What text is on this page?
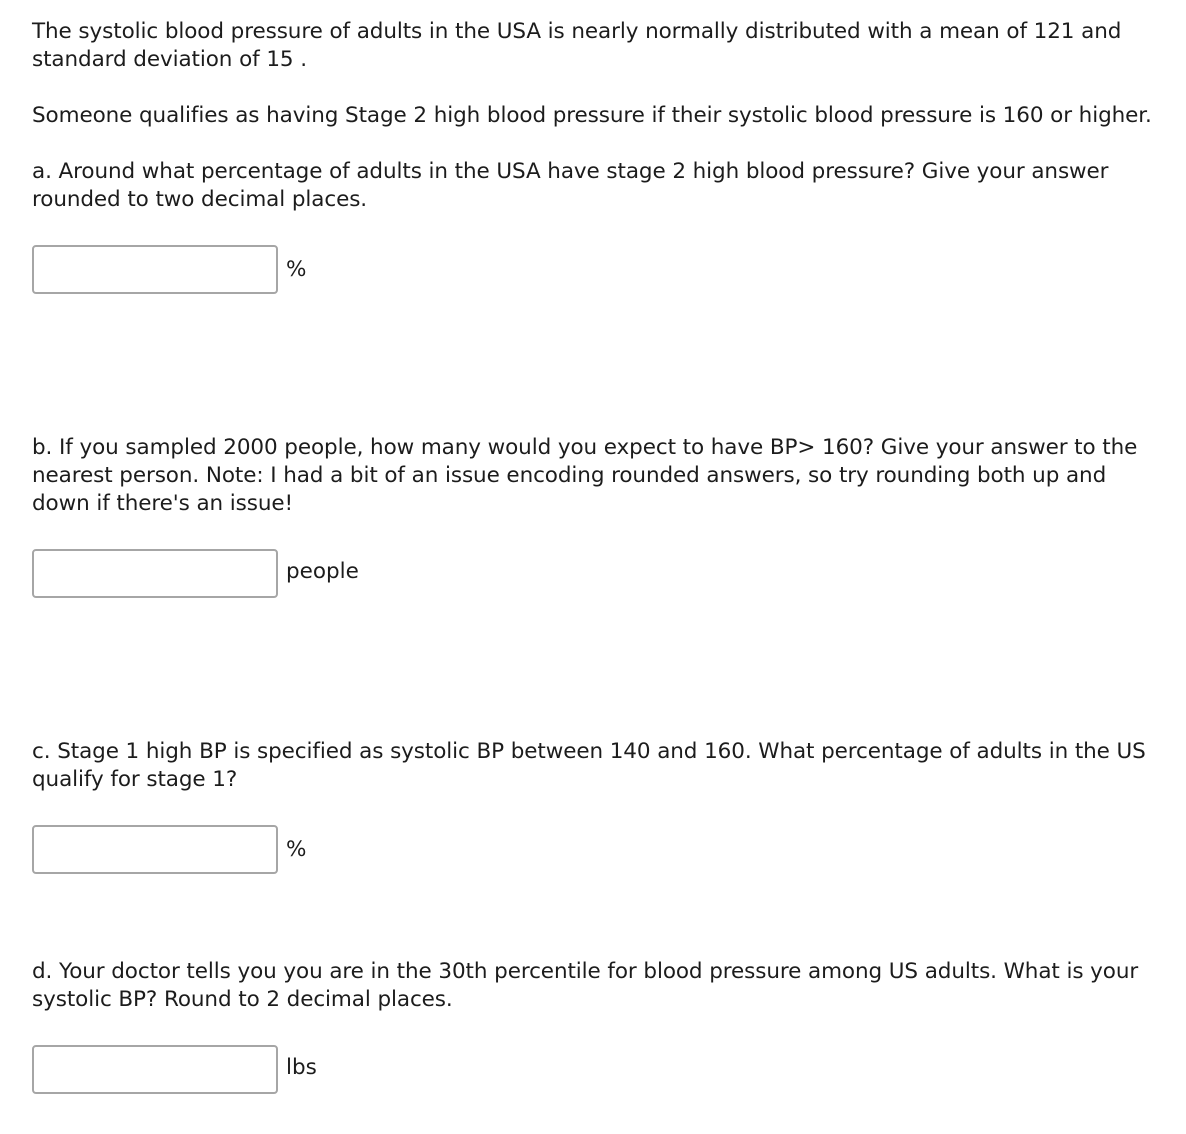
The systolic blood pressure of adults in the USA is nearly normally distributed with a mean of 121 and standard deviation of 15 .

Someone qualifies as having Stage 2 high blood pressure if their systolic blood pressure is 160 or higher.

a. Around what percentage of adults in the USA have stage 2 high blood pressure? Give your answer rounded to two decimal places.

%

b. If you sampled 2000 people, how many would you expect to have BP> 160? Give your answer to the nearest person. Note: I had a bit of an issue encoding rounded answers, so try rounding both up and down if there's an issue!

people

c. Stage 1 high BP is specified as systolic BP between 140 and 160. What percentage of adults in the US qualify for stage 1?

%

d. Your doctor tells you you are in the 30th percentile for blood pressure among US adults. What is your systolic BP? Round to 2 decimal places.

lbs
